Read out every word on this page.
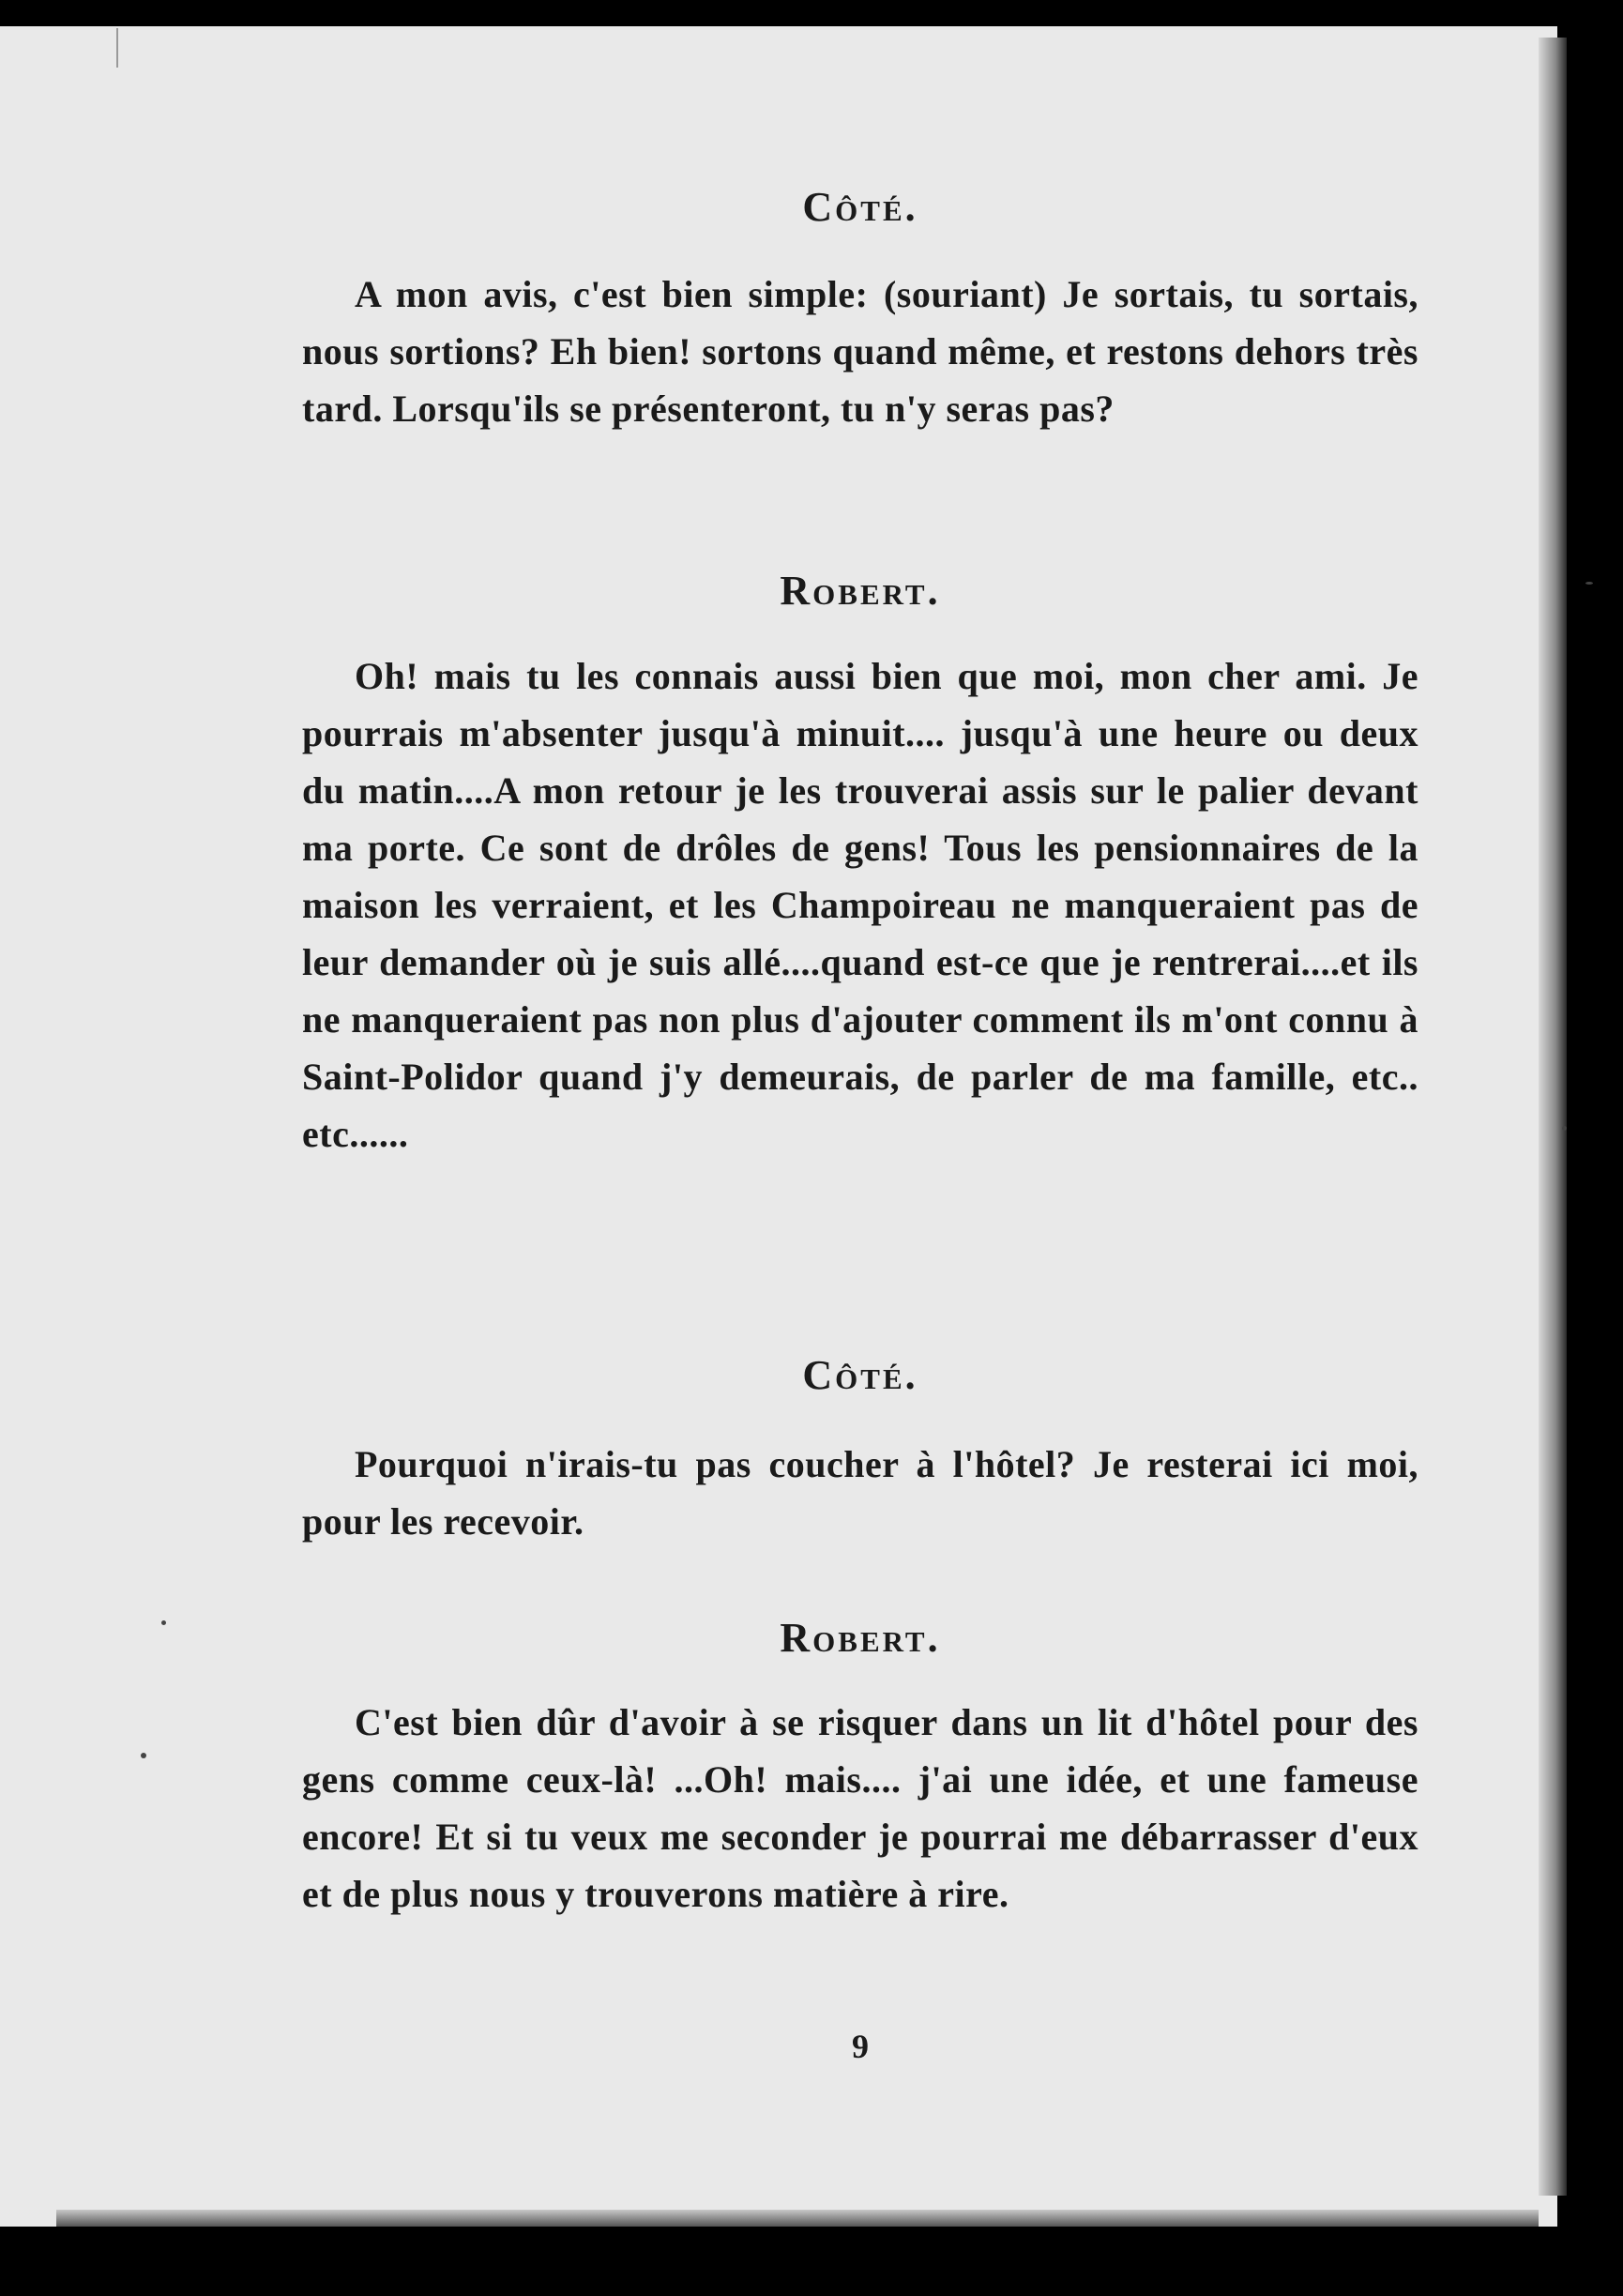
Côté.

A mon avis, c'est bien simple: (souriant) Je sortais, tu sortais, nous sortions? Eh bien! sortons quand même, et restons dehors très tard. Lorsqu'ils se présenteront, tu n'y seras pas?

Robert.

Oh! mais tu les connais aussi bien que moi, mon cher ami. Je pourrais m'absenter jusqu'à minuit.... jusqu'à une heure ou deux du matin....A mon retour je les trouverai assis sur le palier devant ma porte. Ce sont de drôles de gens! Tous les pensionnaires de la maison les verraient, et les Champoireau ne manqueraient pas de leur demander où je suis allé....quand est-ce que je rentrerai....et ils ne manqueraient pas non plus d'ajouter comment ils m'ont connu à Saint-Polidor quand j'y demeurais, de parler de ma famille, etc.. etc......

Côté.

Pourquoi n'irais-tu pas coucher à l'hôtel? Je resterai ici moi, pour les recevoir.

Robert.

C'est bien dûr d'avoir à se risquer dans un lit d'hôtel pour des gens comme ceux-là! ...Oh! mais.... j'ai une idée, et une fameuse encore! Et si tu veux me seconder je pourrai me débarrasser d'eux et de plus nous y trouverons matière à rire.

9
